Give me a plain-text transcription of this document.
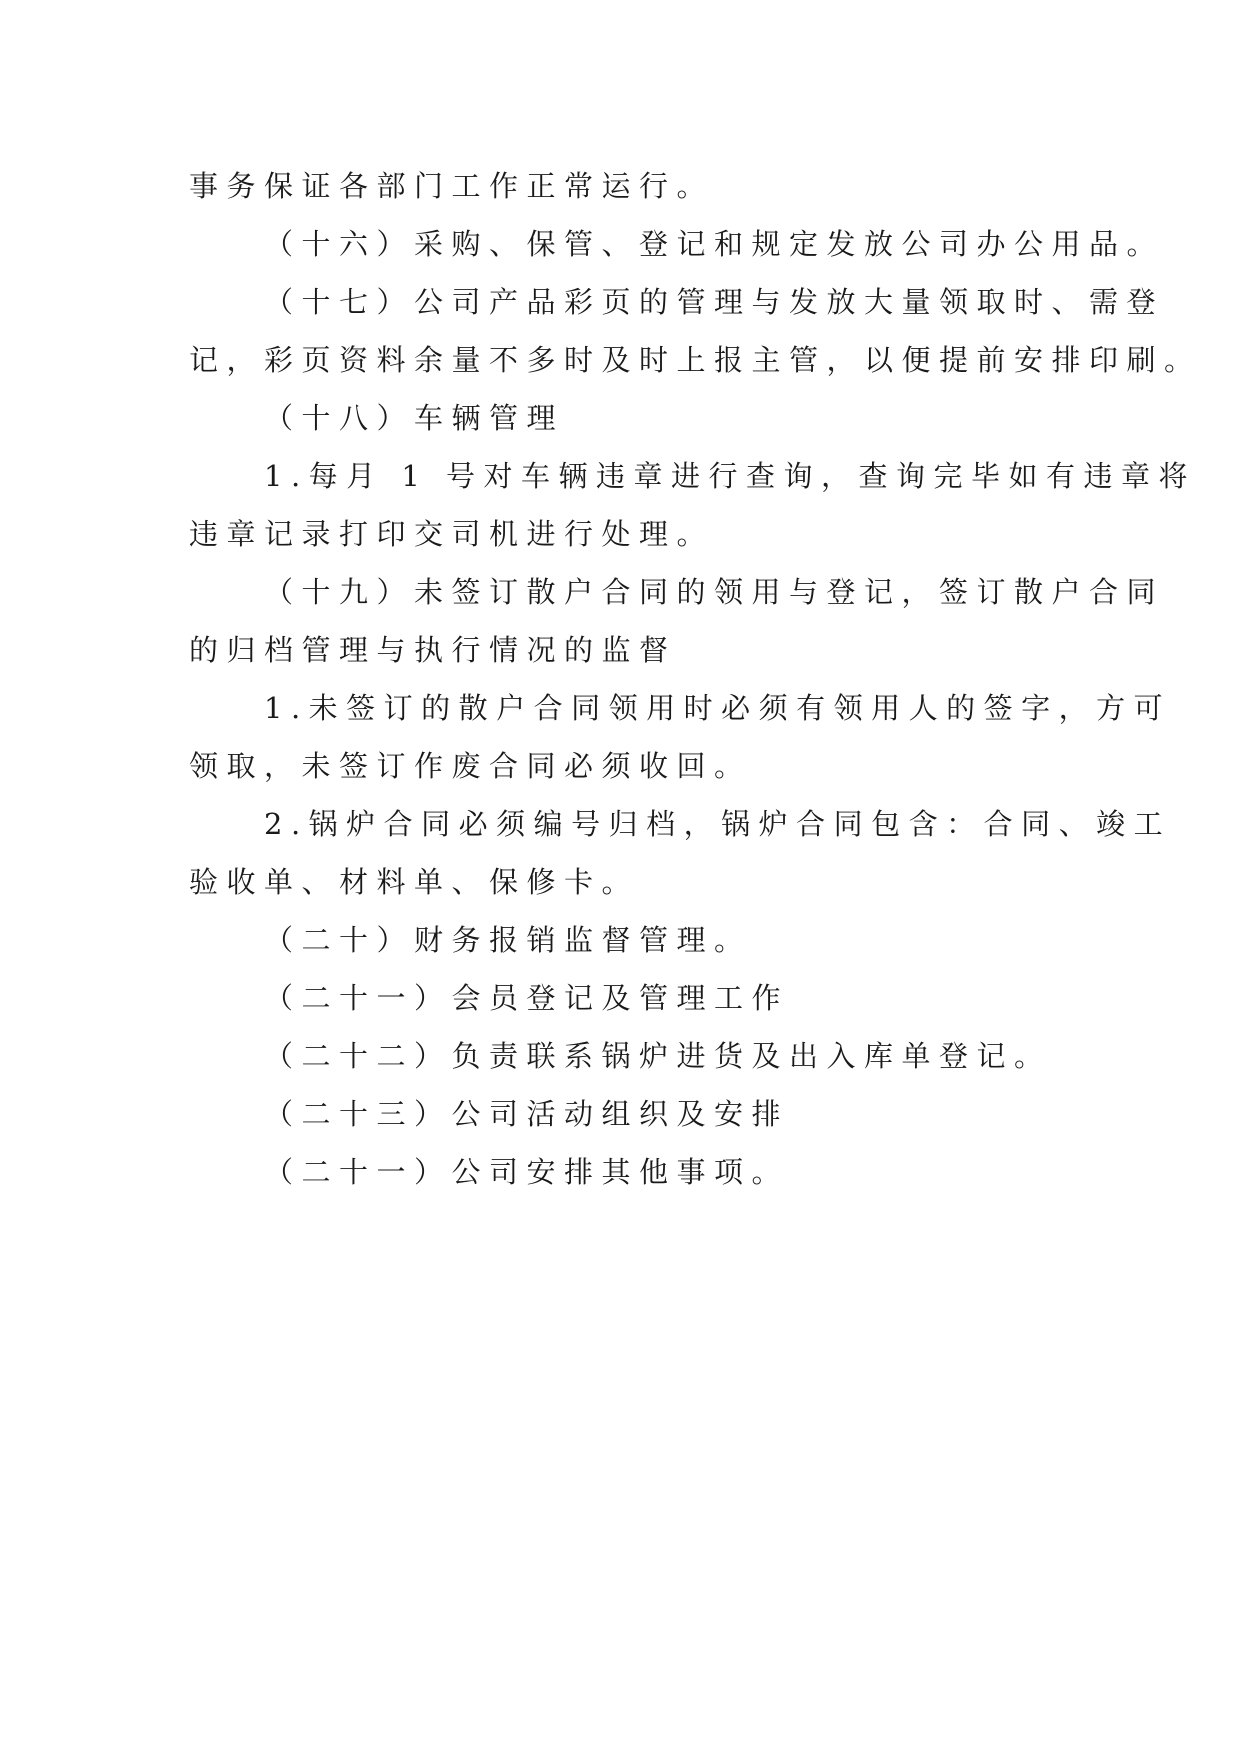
事务保证各部门工作正常运行。
（十六）采购、保管、登记和规定发放公司办公用品。
（十七）公司产品彩页的管理与发放大量领取时、需登
记，彩页资料余量不多时及时上报主管，以便提前安排印刷。
（十八）车辆管理
1.每月 1 号对车辆违章进行查询，查询完毕如有违章将
违章记录打印交司机进行处理。
（十九）未签订散户合同的领用与登记，签订散户合同
的归档管理与执行情况的监督
1.未签订的散户合同领用时必须有领用人的签字，方可
领取，未签订作废合同必须收回。
2.锅炉合同必须编号归档，锅炉合同包含：合同、竣工
验收单、材料单、保修卡。
（二十）财务报销监督管理。
（二十一）会员登记及管理工作
（二十二）负责联系锅炉进货及出入库单登记。
（二十三）公司活动组织及安排
（二十一）公司安排其他事项。
